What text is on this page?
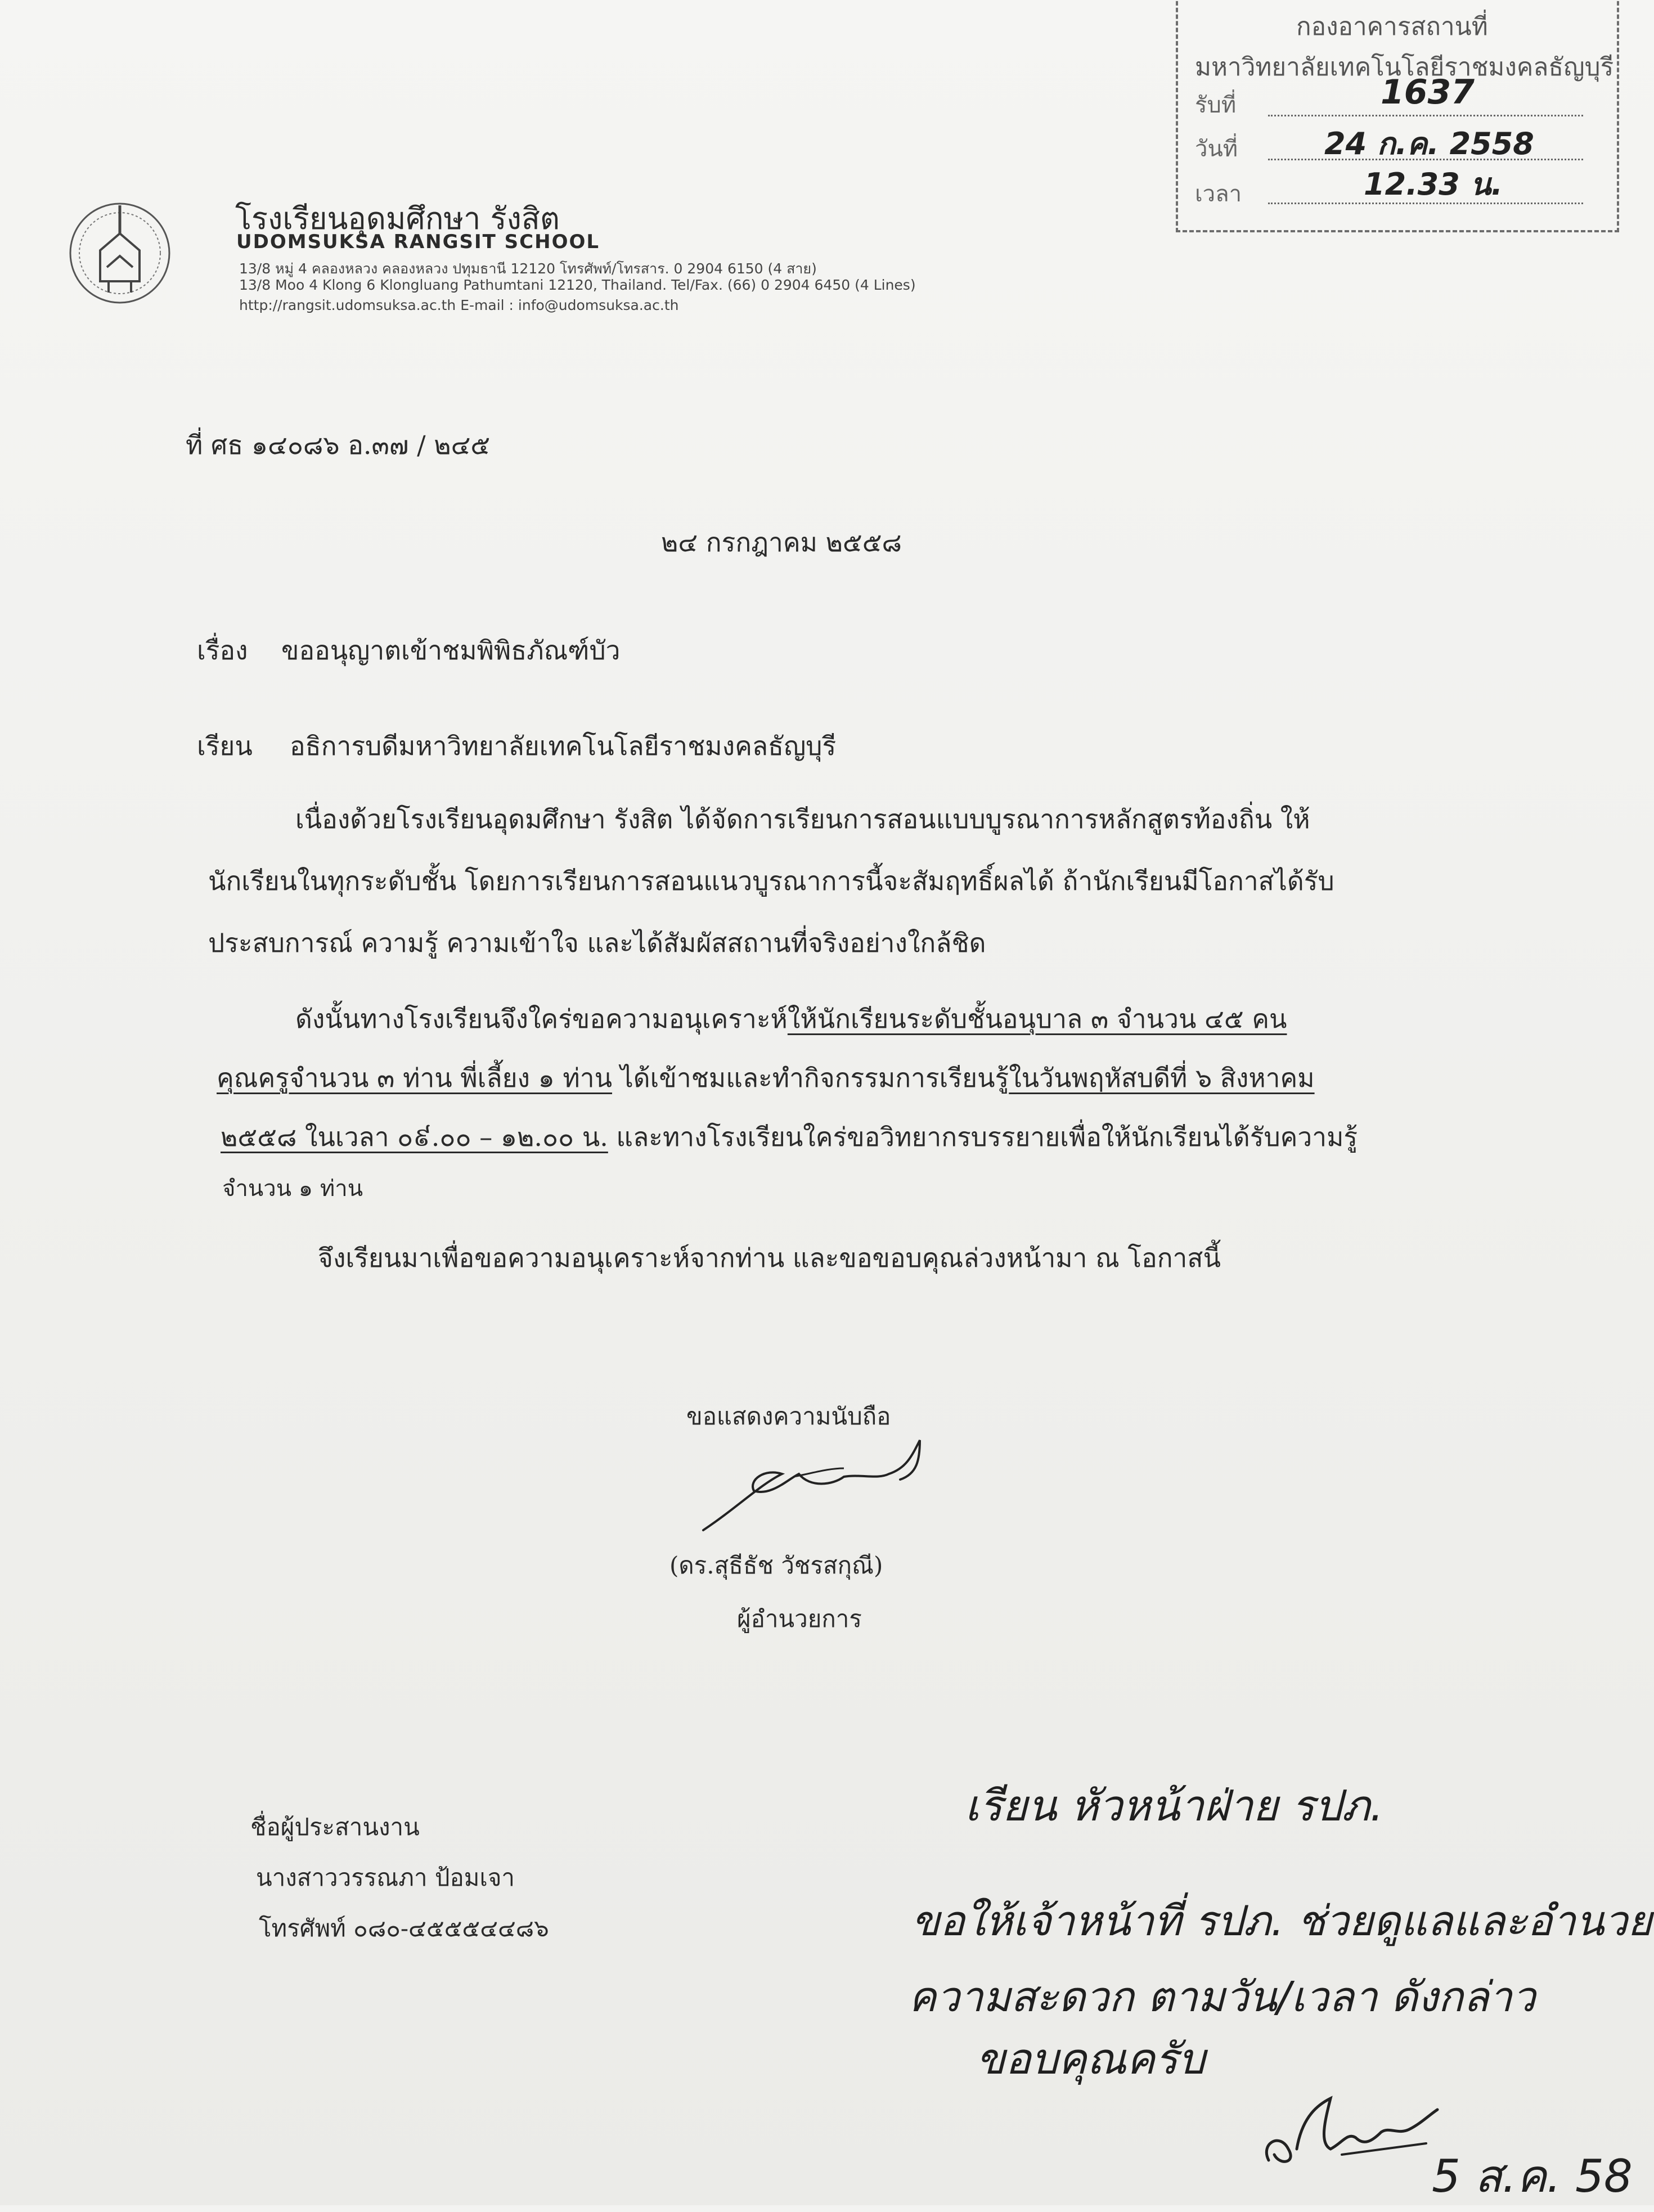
กองอาคารสถานที่
มหาวิทยาลัยเทคโนโลยีราชมงคลธัญบุรี
รับที่	1637
วันที่	24 ก.ค. 2558
เวลา	12.33 น.
โรงเรียนอุดมศึกษา รังสิต
UDOMSUKSA RANGSIT SCHOOL
13/8 หมู่ 4 คลองหลวง คลองหลวง ปทุมธานี 12120 โทรศัพท์/โทรสาร. 0 2904 6150 (4 สาย)
13/8 Moo 4 Klong 6 Klongluang Pathumtani 12120, Thailand. Tel/Fax. (66) 0 2904 6450 (4 Lines)
http://rangsit.udomsuksa.ac.th E-mail : info@udomsuksa.ac.th
ที่ ศธ ๑๔๐๘๖ อ.๓๗ / ๒๔๕
๒๔ กรกฎาคม ๒๕๕๘
เรื่อง ขออนุญาตเข้าชมพิพิธภัณฑ์บัว
เรียน อธิการบดีมหาวิทยาลัยเทคโนโลยีราชมงคลธัญบุรี
เนื่องด้วยโรงเรียนอุดมศึกษา รังสิต ได้จัดการเรียนการสอนแบบบูรณาการหลักสูตรท้องถิ่น ให้
นักเรียนในทุกระดับชั้น โดยการเรียนการสอนแนวบูรณาการนี้จะสัมฤทธิ์ผลได้ ถ้านักเรียนมีโอกาสได้รับ
ประสบการณ์ ความรู้ ความเข้าใจ และได้สัมผัสสถานที่จริงอย่างใกล้ชิด
ดังนั้นทางโรงเรียนจึงใคร่ขอความอนุเคราะห์ให้นักเรียนระดับชั้นอนุบาล ๓ จำนวน ๔๕ คน
คุณครูจำนวน ๓ ท่าน พี่เลี้ยง ๑ ท่าน ได้เข้าชมและทำกิจกรรมการเรียนรู้ในวันพฤหัสบดีที่ ๖ สิงหาคม
๒๕๕๘ ในเวลา ๐៩.๐๐ – ๑๒.๐๐ น. และทางโรงเรียนใคร่ขอวิทยากรบรรยายเพื่อให้นักเรียนได้รับความรู้
จำนวน ๑ ท่าน
จึงเรียนมาเพื่อขอความอนุเคราะห์จากท่าน และขอขอบคุณล่วงหน้ามา ณ โอกาสนี้
ขอแสดงความนับถือ
(ดร.สุธีธัช วัชรสกุณี)
ผู้อำนวยการ
ชื่อผู้ประสานงาน
นางสาววรรณภา ป้อมเจา
โทรศัพท์ ๐๘๐-๔๕๕๕๔๔๘๖
เรียน หัวหน้าฝ่าย รปภ.
ขอให้เจ้าหน้าที่ รปภ. ช่วยดูแลและอำนวย
ความสะดวก ตามวัน/เวลา ดังกล่าว
ขอบคุณครับ
5 ส.ค. 58
